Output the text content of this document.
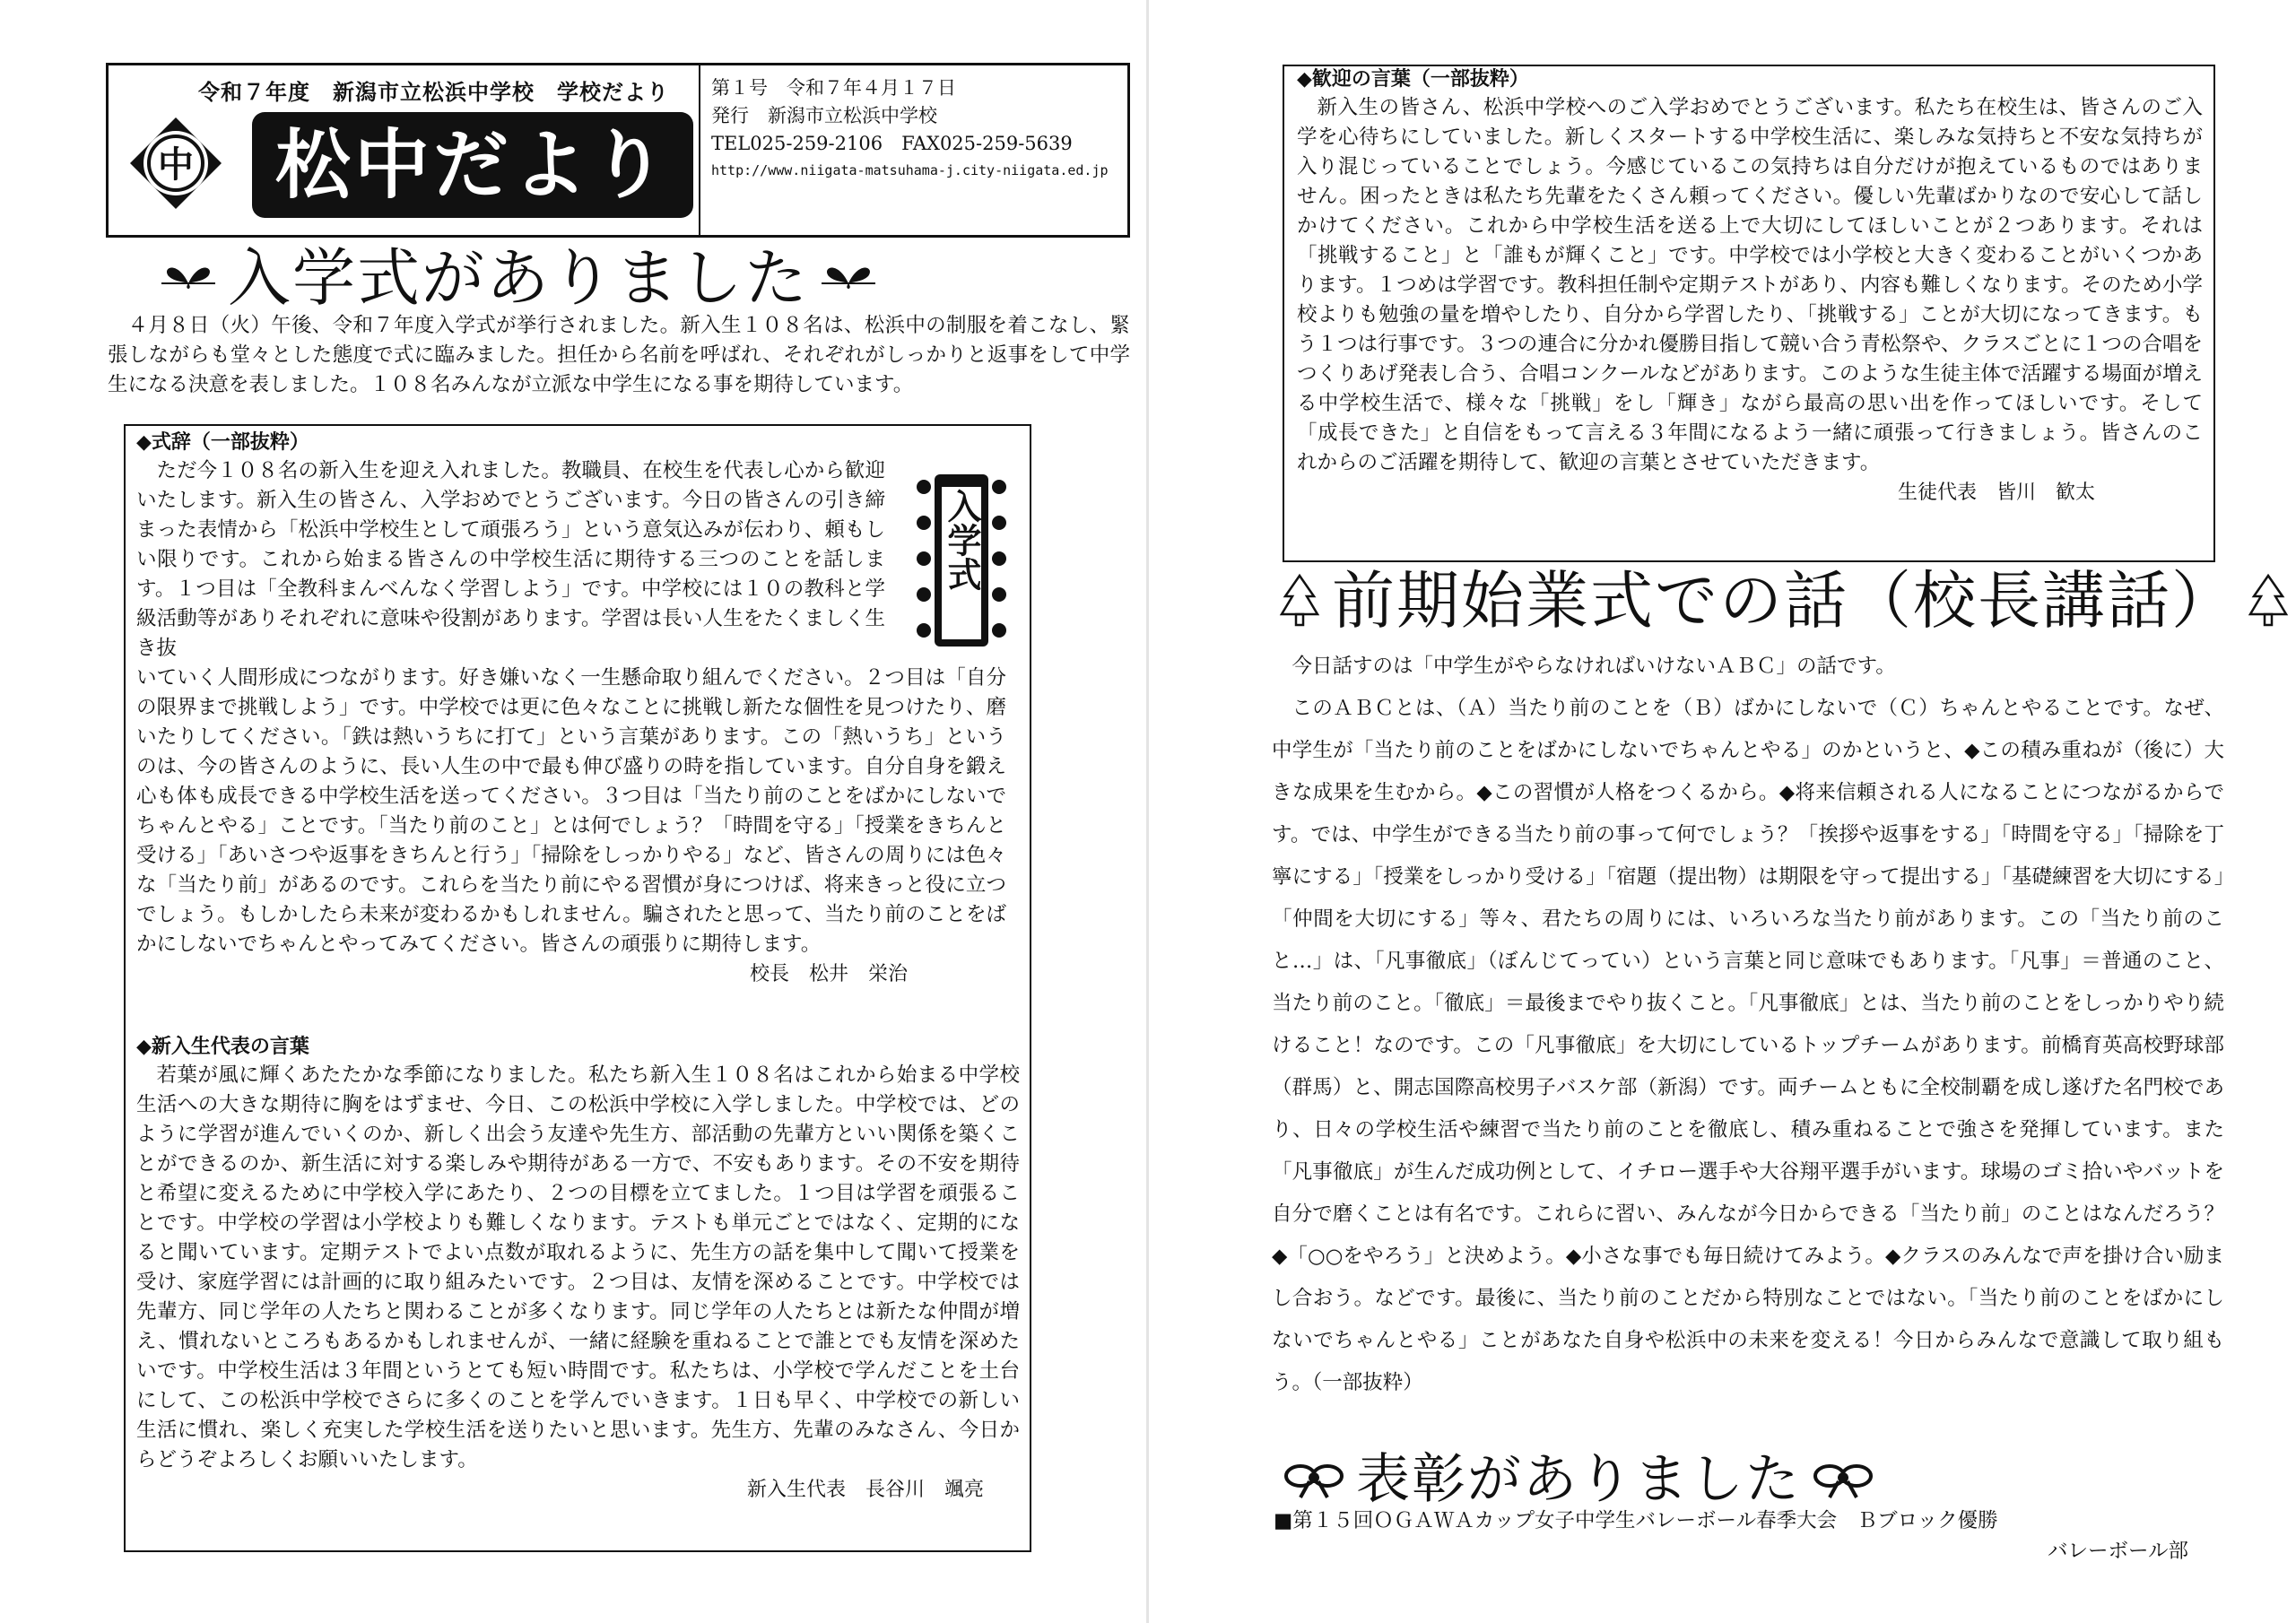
令和７年度　新潟市立松浜中学校　学校だより
中	松中だより
第１号　令和７年４月１７日
発行　新潟市立松浜中学校
TEL025-259-2106　FAX025-259-5639
http://www.niigata-matsuhama-j.city-niigata.ed.jp
入学式がありました

４月８日（火）午後、令和７年度入学式が挙行されました。新入生１０８名は、松浜中の制服を着こなし、緊張しながらも堂々とした態度で式に臨みました。担任から名前を呼ばれ、それぞれがしっかりと返事をして中学生になる決意を表しました。１０８名みんなが立派な中学生になる事を期待しています。

◆式辞（一部抜粋）

ただ今１０８名の新入生を迎え入れました。教職員、在校生を代表し心から歓迎いたします。新入生の皆さん、入学おめでとうございます。今日の皆さんの引き締まった表情から「松浜中学校生として頑張ろう」という意気込みが伝わり、頼もしい限りです。これから始まる皆さんの中学校生活に期待する三つのことを話します。１つ目は「全教科まんべんなく学習しよう」です。中学校には１０の教科と学級活動等がありそれぞれに意味や役割があります。学習は長い人生をたくましく生き抜

いていく人間形成につながります。好き嫌いなく一生懸命取り組んでください。２つ目は「自分の限界まで挑戦しよう」です。中学校では更に色々なことに挑戦し新たな個性を見つけたり、磨いたりしてください。「鉄は熱いうちに打て」という言葉があります。この「熱いうち」というのは、今の皆さんのように、長い人生の中で最も伸び盛りの時を指しています。自分自身を鍛え心も体も成長できる中学校生活を送ってください。３つ目は「当たり前のことをばかにしないでちゃんとやる」ことです。「当たり前のこと」とは何でしょう？「時間を守る」「授業をきちんと受ける」「あいさつや返事をきちんと行う」「掃除をしっかりやる」など、皆さんの周りには色々な「当たり前」があるのです。これらを当たり前にやる習慣が身につけば、将来きっと役に立つでしょう。もしかしたら未来が変わるかもしれません。騙されたと思って、当たり前のことをばかにしないでちゃんとやってみてください。皆さんの頑張りに期待します。

校長　松井　栄治
入学式
◆新入生代表の言葉

若葉が風に輝くあたたかな季節になりました。私たち新入生１０８名はこれから始まる中学校生活への大きな期待に胸をはずませ、今日、この松浜中学校に入学しました。中学校では、どのように学習が進んでいくのか、新しく出会う友達や先生方、部活動の先輩方といい関係を築くことができるのか、新生活に対する楽しみや期待がある一方で、不安もあります。その不安を期待と希望に変えるために中学校入学にあたり、２つの目標を立てました。１つ目は学習を頑張ることです。中学校の学習は小学校よりも難しくなります。テストも単元ごとではなく、定期的になると聞いています。定期テストでよい点数が取れるように、先生方の話を集中して聞いて授業を受け、家庭学習には計画的に取り組みたいです。２つ目は、友情を深めることです。中学校では先輩方、同じ学年の人たちと関わることが多くなります。同じ学年の人たちとは新たな仲間が増え、慣れないところもあるかもしれませんが、一緒に経験を重ねることで誰とでも友情を深めたいです。中学校生活は３年間というとても短い時間です。私たちは、小学校で学んだことを土台にして、この松浜中学校でさらに多くのことを学んでいきます。１日も早く、中学校での新しい生活に慣れ、楽しく充実した学校生活を送りたいと思います。先生方、先輩のみなさん、今日からどうぞよろしくお願いいたします。

新入生代表　長谷川　颯亮
◆歓迎の言葉（一部抜粋）

新入生の皆さん、松浜中学校へのご入学おめでとうございます。私たち在校生は、皆さんのご入学を心待ちにしていました。新しくスタートする中学校生活に、楽しみな気持ちと不安な気持ちが入り混じっていることでしょう。今感じているこの気持ちは自分だけが抱えているものではありません。困ったときは私たち先輩をたくさん頼ってください。優しい先輩ばかりなので安心して話しかけてください。これから中学校生活を送る上で大切にしてほしいことが２つあります。それは「挑戦すること」と「誰もが輝くこと」です。中学校では小学校と大きく変わることがいくつかあります。１つめは学習です。教科担任制や定期テストがあり、内容も難しくなります。そのため小学校よりも勉強の量を増やしたり、自分から学習したり、「挑戦する」ことが大切になってきます。もう１つは行事です。３つの連合に分かれ優勝目指して競い合う青松祭や、クラスごとに１つの合唱をつくりあげ発表し合う、合唱コンクールなどがあります。このような生徒主体で活躍する場面が増える中学校生活で、様々な「挑戦」をし「輝き」ながら最高の思い出を作ってほしいです。そして「成長できた」と自信をもって言える３年間になるよう一緒に頑張って行きましょう。皆さんのこれからのご活躍を期待して、歓迎の言葉とさせていただきます。

生徒代表　皆川　歓太
前期始業式での話（校長講話）

今日話すのは「中学生がやらなければいけないＡＢＣ」の話です。

このＡＢＣとは、（Ａ）当たり前のことを（Ｂ）ばかにしないで（Ｃ）ちゃんとやることです。なぜ、中学生が「当たり前のことをばかにしないでちゃんとやる」のかというと、◆この積み重ねが（後に）大きな成果を生むから。◆この習慣が人格をつくるから。◆将来信頼される人になることにつながるからです。では、中学生ができる当たり前の事って何でしょう？「挨拶や返事をする」「時間を守る」「掃除を丁寧にする」「授業をしっかり受ける」「宿題（提出物）は期限を守って提出する」「基礎練習を大切にする」「仲間を大切にする」等々、君たちの周りには、いろいろな当たり前があります。この「当たり前のこと…」は、「凡事徹底」（ぼんじてってい）という言葉と同じ意味でもあります。「凡事」＝普通のこと、当たり前のこと。「徹底」＝最後までやり抜くこと。「凡事徹底」とは、当たり前のことをしっかりやり続けること！なのです。この「凡事徹底」を大切にしているトップチームがあります。前橋育英高校野球部（群馬）と、開志国際高校男子バスケ部（新潟）です。両チームともに全校制覇を成し遂げた名門校であり、日々の学校生活や練習で当たり前のことを徹底し、積み重ねることで強さを発揮しています。また「凡事徹底」が生んだ成功例として、イチロー選手や大谷翔平選手がいます。球場のゴミ拾いやバットを自分で磨くことは有名です。これらに習い、みんなが今日からできる「当たり前」のことはなんだろう？◆「○○をやろう」と決めよう。◆小さな事でも毎日続けてみよう。◆クラスのみんなで声を掛け合い励まし合おう。などです。最後に、当たり前のことだから特別なことではない。「当たり前のことをばかにしないでちゃんとやる」ことがあなた自身や松浜中の未来を変える！今日からみんなで意識して取り組もう。（一部抜粋）

表彰がありました
■第１５回ＯＧＡＷＡカップ女子中学生バレーボール春季大会　Ｂブロック優勝
バレーボール部
